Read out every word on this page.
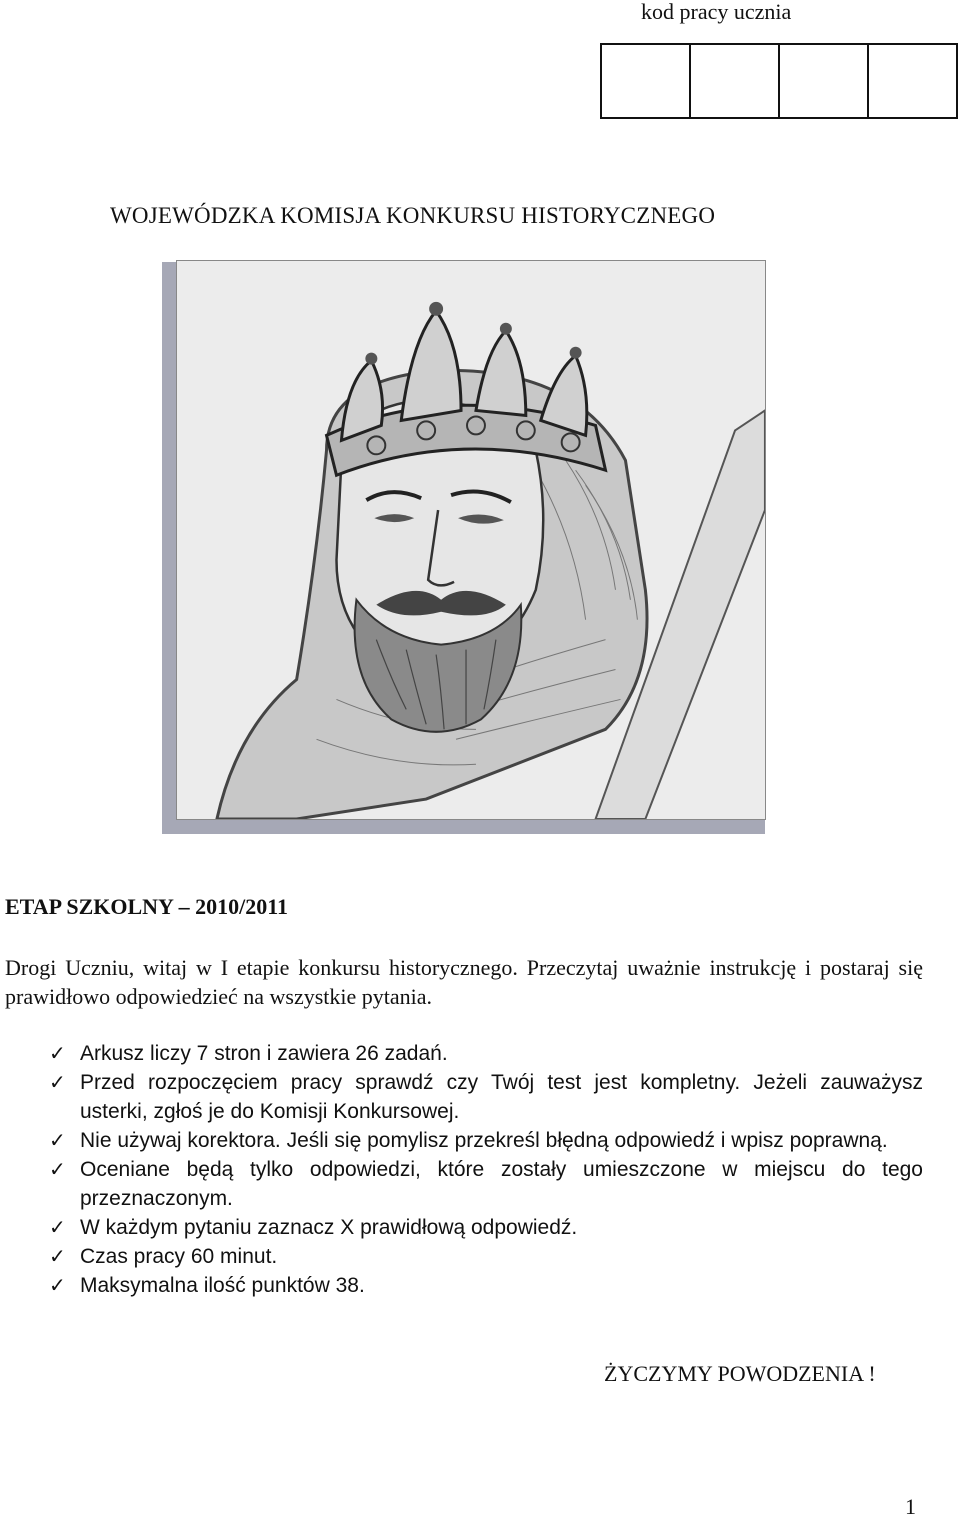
kod pracy ucznia
WOJEWÓDZKA KOMISJA KONKURSU HISTORYCZNEGO
ETAP SZKOLNY – 2010/2011
Drogi Uczniu, witaj w I etapie konkursu historycznego. Przeczytaj uważnie instrukcję i postaraj się prawidłowo odpowiedzieć na wszystkie pytania.
✓ Arkusz liczy 7 stron i zawiera 26 zadań.
✓ Przed rozpoczęciem pracy sprawdź czy Twój test jest kompletny. Jeżeli zauważysz usterki, zgłoś je do Komisji Konkursowej.
✓ Nie używaj korektora. Jeśli się pomylisz przekreśl błędną odpowiedź i wpisz poprawną.
✓ Oceniane będą tylko odpowiedzi, które zostały umieszczone w miejscu do tego przeznaczonym.
✓ W każdym pytaniu zaznacz X prawidłową odpowiedź.
✓ Czas pracy 60 minut.
✓ Maksymalna ilość punktów 38.
ŻYCZYMY POWODZENIA !
1
